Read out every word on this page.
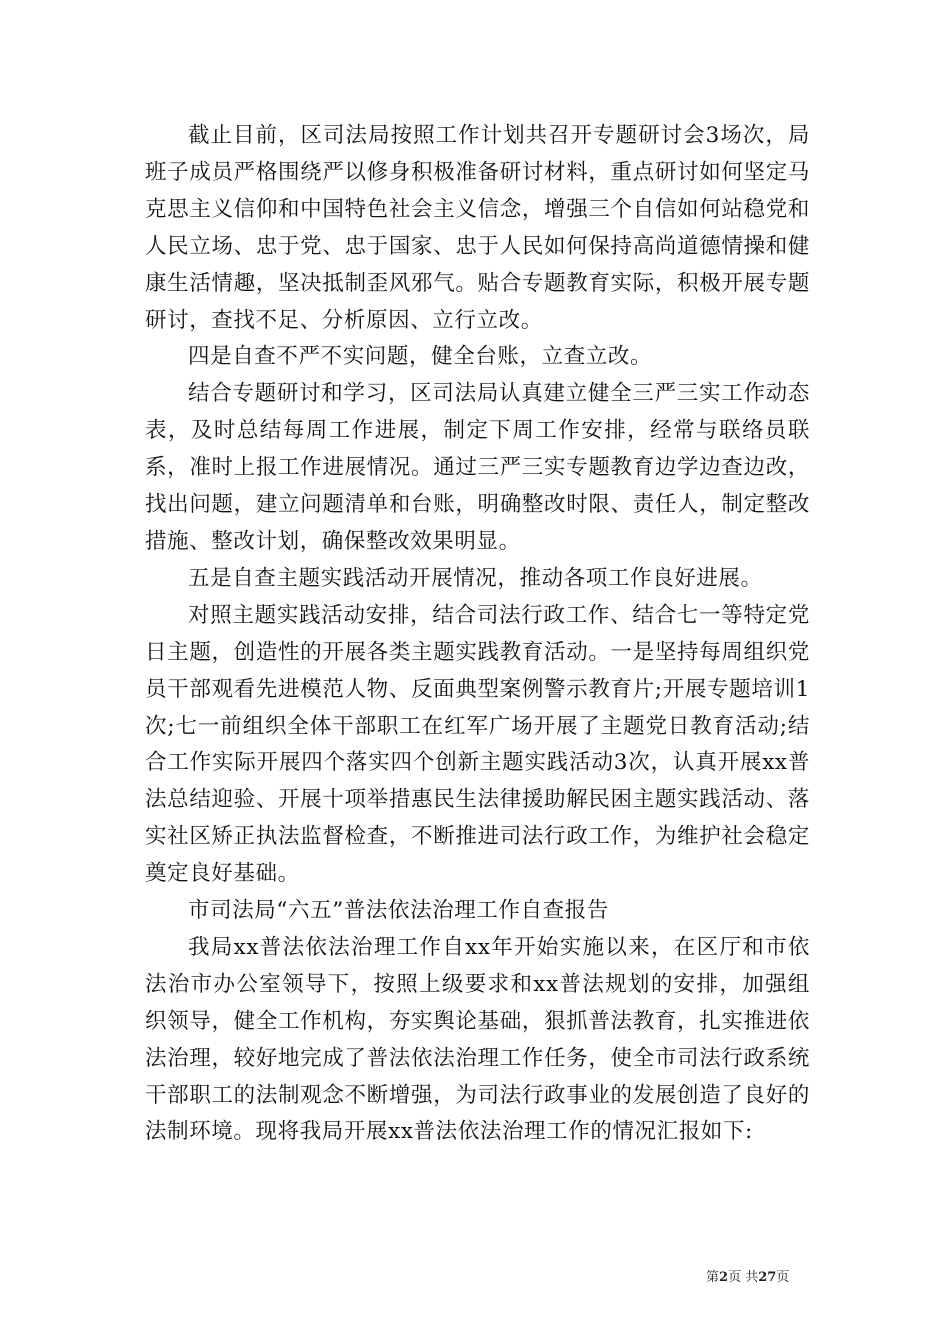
截止目前，区司法局按照工作计划共召开专题研讨会3场次，局班子成员严格围绕严以修身积极准备研讨材料，重点研讨如何坚定马克思主义信仰和中国特色社会主义信念，增强三个自信如何站稳党和人民立场、忠于党、忠于国家、忠于人民如何保持高尚道德情操和健康生活情趣，坚决抵制歪风邪气。贴合专题教育实际，积极开展专题研讨，查找不足、分析原因、立行立改。

四是自查不严不实问题，健全台账，立查立改。

结合专题研讨和学习，区司法局认真建立健全三严三实工作动态表，及时总结每周工作进展，制定下周工作安排，经常与联络员联系，准时上报工作进展情况。通过三严三实专题教育边学边查边改，找出问题，建立问题清单和台账，明确整改时限、责任人，制定整改措施、整改计划，确保整改效果明显。

五是自查主题实践活动开展情况，推动各项工作良好进展。

对照主题实践活动安排，结合司法行政工作、结合七一等特定党日主题，创造性的开展各类主题实践教育活动。一是坚持每周组织党员干部观看先进模范人物、反面典型案例警示教育片;开展专题培训1次;七一前组织全体干部职工在红军广场开展了主题党日教育活动;结合工作实际开展四个落实四个创新主题实践活动3次，认真开展xx普法总结迎验、开展十项举措惠民生法律援助解民困主题实践活动、落实社区矫正执法监督检查，不断推进司法行政工作，为维护社会稳定奠定良好基础。

市司法局“六五”普法依法治理工作自查报告

我局xx普法依法治理工作自xx年开始实施以来，在区厅和市依法治市办公室领导下，按照上级要求和xx普法规划的安排，加强组织领导，健全工作机构，夯实舆论基础，狠抓普法教育，扎实推进依法治理，较好地完成了普法依法治理工作任务，使全市司法行政系统干部职工的法制观念不断增强，为司法行政事业的发展创造了良好的法制环境。现将我局开展xx普法依法治理工作的情况汇报如下:

第2页 共27页
